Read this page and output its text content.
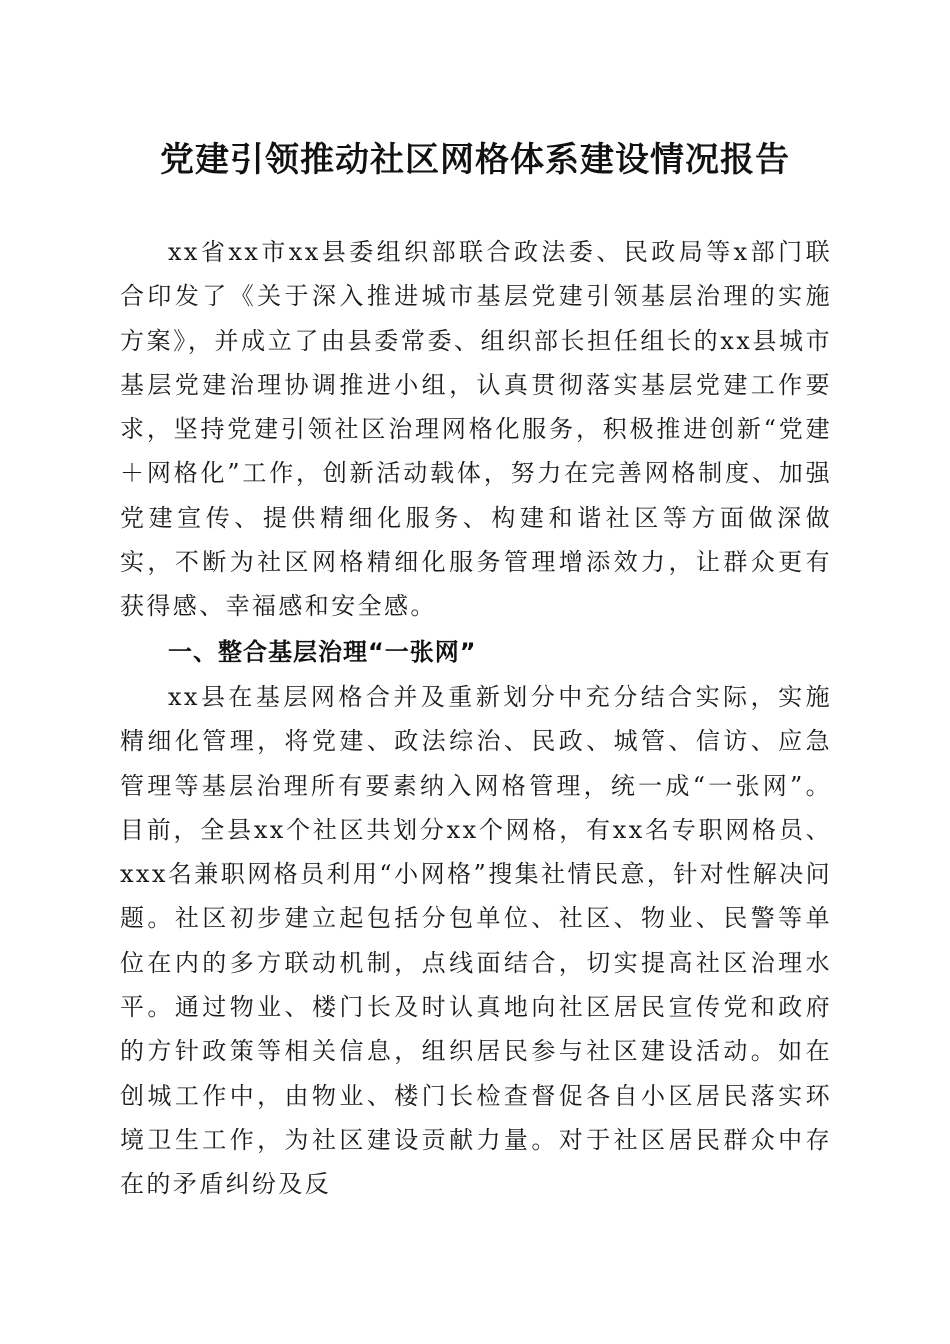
党建引领推动社区网格体系建设情况报告

xx省xx市xx县委组织部联合政法委、民政局等x部门联合印发了《关于深入推进城市基层党建引领基层治理的实施方案》，并成立了由县委常委、组织部长担任组长的xx县城市基层党建治理协调推进小组，认真贯彻落实基层党建工作要求，坚持党建引领社区治理网格化服务，积极推进创新“党建＋网格化”工作，创新活动载体，努力在完善网格制度、加强党建宣传、提供精细化服务、构建和谐社区等方面做深做实，不断为社区网格精细化服务管理增添效力，让群众更有获得感、幸福感和安全感。

一、整合基层治理“一张网”

xx县在基层网格合并及重新划分中充分结合实际，实施精细化管理，将党建、政法综治、民政、城管、信访、应急管理等基层治理所有要素纳入网格管理，统一成“一张网”。目前，全县xx个社区共划分xx个网格，有xx名专职网格员、xxx名兼职网格员利用“小网格”搜集社情民意，针对性解决问题。社区初步建立起包括分包单位、社区、物业、民警等单位在内的多方联动机制，点线面结合，切实提高社区治理水平。通过物业、楼门长及时认真地向社区居民宣传党和政府的方针政策等相关信息，组织居民参与社区建设活动。如在创城工作中，由物业、楼门长检查督促各自小区居民落实环境卫生工作，为社区建设贡献力量。对于社区居民群众中存在的矛盾纠纷及反
